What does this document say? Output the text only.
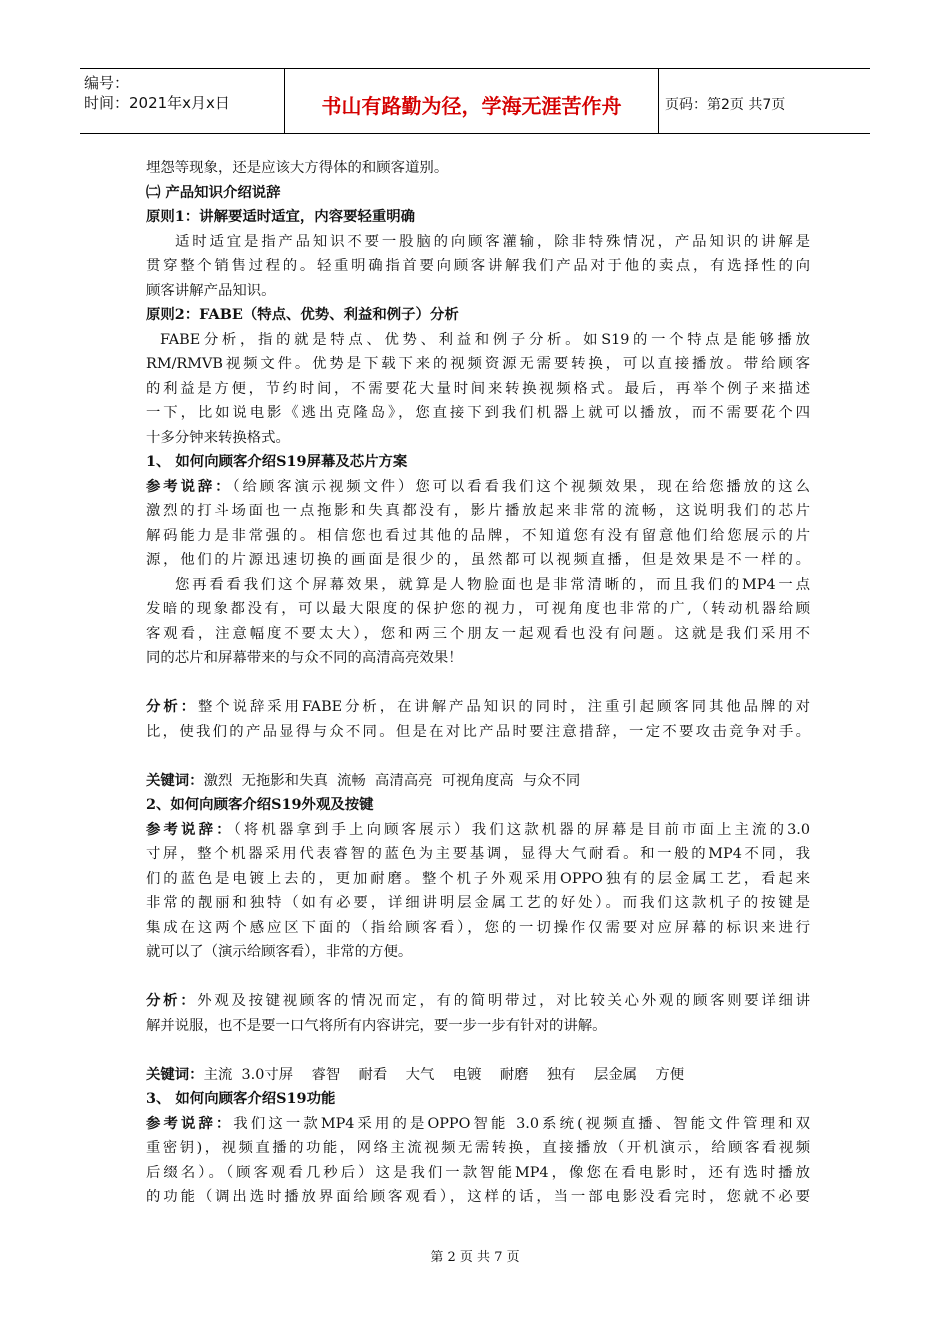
编号：
时间：2021年x月x日	书山有路勤为径，学海无涯苦作舟	页码：第2页 共7页
埋怨等现象，还是应该大方得体的和顾客道别。
㈡ 产品知识介绍说辞
原则1：讲解要适时适宜，内容要轻重明确
适时适宜是指产品知识不要一股脑的向顾客灌输，除非特殊情况，产品知识的讲解是
贯穿整个销售过程的。轻重明确指首要向顾客讲解我们产品对于他的卖点，有选择性的向
顾客讲解产品知识。
原则2：FABE（特点、优势、利益和例子）分析
FABE分析，指的就是特点、优势、利益和例子分析。如S19的一个特点是能够播放
RM/RMVB视频文件。优势是下载下来的视频资源无需要转换，可以直接播放。带给顾客
的利益是方便，节约时间，不需要花大量时间来转换视频格式。最后，再举个例子来描述
一下，比如说电影《逃出克隆岛》，您直接下到我们机器上就可以播放，而不需要花个四
十多分钟来转换格式。
1、 如何向顾客介绍S19屏幕及芯片方案
参考说辞：（给顾客演示视频文件）您可以看看我们这个视频效果，现在给您播放的这么
激烈的打斗场面也一点拖影和失真都没有，影片播放起来非常的流畅，这说明我们的芯片
解码能力是非常强的。相信您也看过其他的品牌，不知道您有没有留意他们给您展示的片
源，他们的片源迅速切换的画面是很少的，虽然都可以视频直播，但是效果是不一样的。
您再看看我们这个屏幕效果，就算是人物脸面也是非常清晰的，而且我们的MP4一点
发暗的现象都没有，可以最大限度的保护您的视力，可视角度也非常的广,（转动机器给顾
客观看，注意幅度不要太大），您和两三个朋友一起观看也没有问题。这就是我们采用不
同的芯片和屏幕带来的与众不同的高清高亮效果！
分析：整个说辞采用FABE分析，在讲解产品知识的同时，注重引起顾客同其他品牌的对
比，使我们的产品显得与众不同。但是在对比产品时要注意措辞，一定不要攻击竞争对手。
关键词：激烈  无拖影和失真  流畅  高清高亮  可视角度高  与众不同
2、如何向顾客介绍S19外观及按键
参考说辞：（将机器拿到手上向顾客展示）我们这款机器的屏幕是目前市面上主流的3.0
寸屏，整个机器采用代表睿智的蓝色为主要基调，显得大气耐看。和一般的MP4不同，我
们的蓝色是电镀上去的，更加耐磨。整个机子外观采用OPPO独有的层金属工艺，看起来
非常的靓丽和独特（如有必要，详细讲明层金属工艺的好处）。而我们这款机子的按键是
集成在这两个感应区下面的（指给顾客看），您的一切操作仅需要对应屏幕的标识来进行
就可以了（演示给顾客看），非常的方便。
分析：外观及按键视顾客的情况而定，有的简明带过，对比较关心外观的顾客则要详细讲
解并说服，也不是要一口气将所有内容讲完，要一步一步有针对的讲解。
关键词：主流  3.0寸屏    睿智    耐看    大气    电镀    耐磨    独有    层金属    方便
3、 如何向顾客介绍S19功能
参考说辞：我们这一款MP4采用的是OPPO智能 3.0系统(视频直播、智能文件管理和双
重密钥)，视频直播的功能，网络主流视频无需转换，直接播放（开机演示，给顾客看视频
后缀名）。（顾客观看几秒后）这是我们一款智能MP4，像您在看电影时，还有选时播放
的功能（调出选时播放界面给顾客观看），这样的话，当一部电影没看完时，您就不必要
第 2 页 共 7 页
